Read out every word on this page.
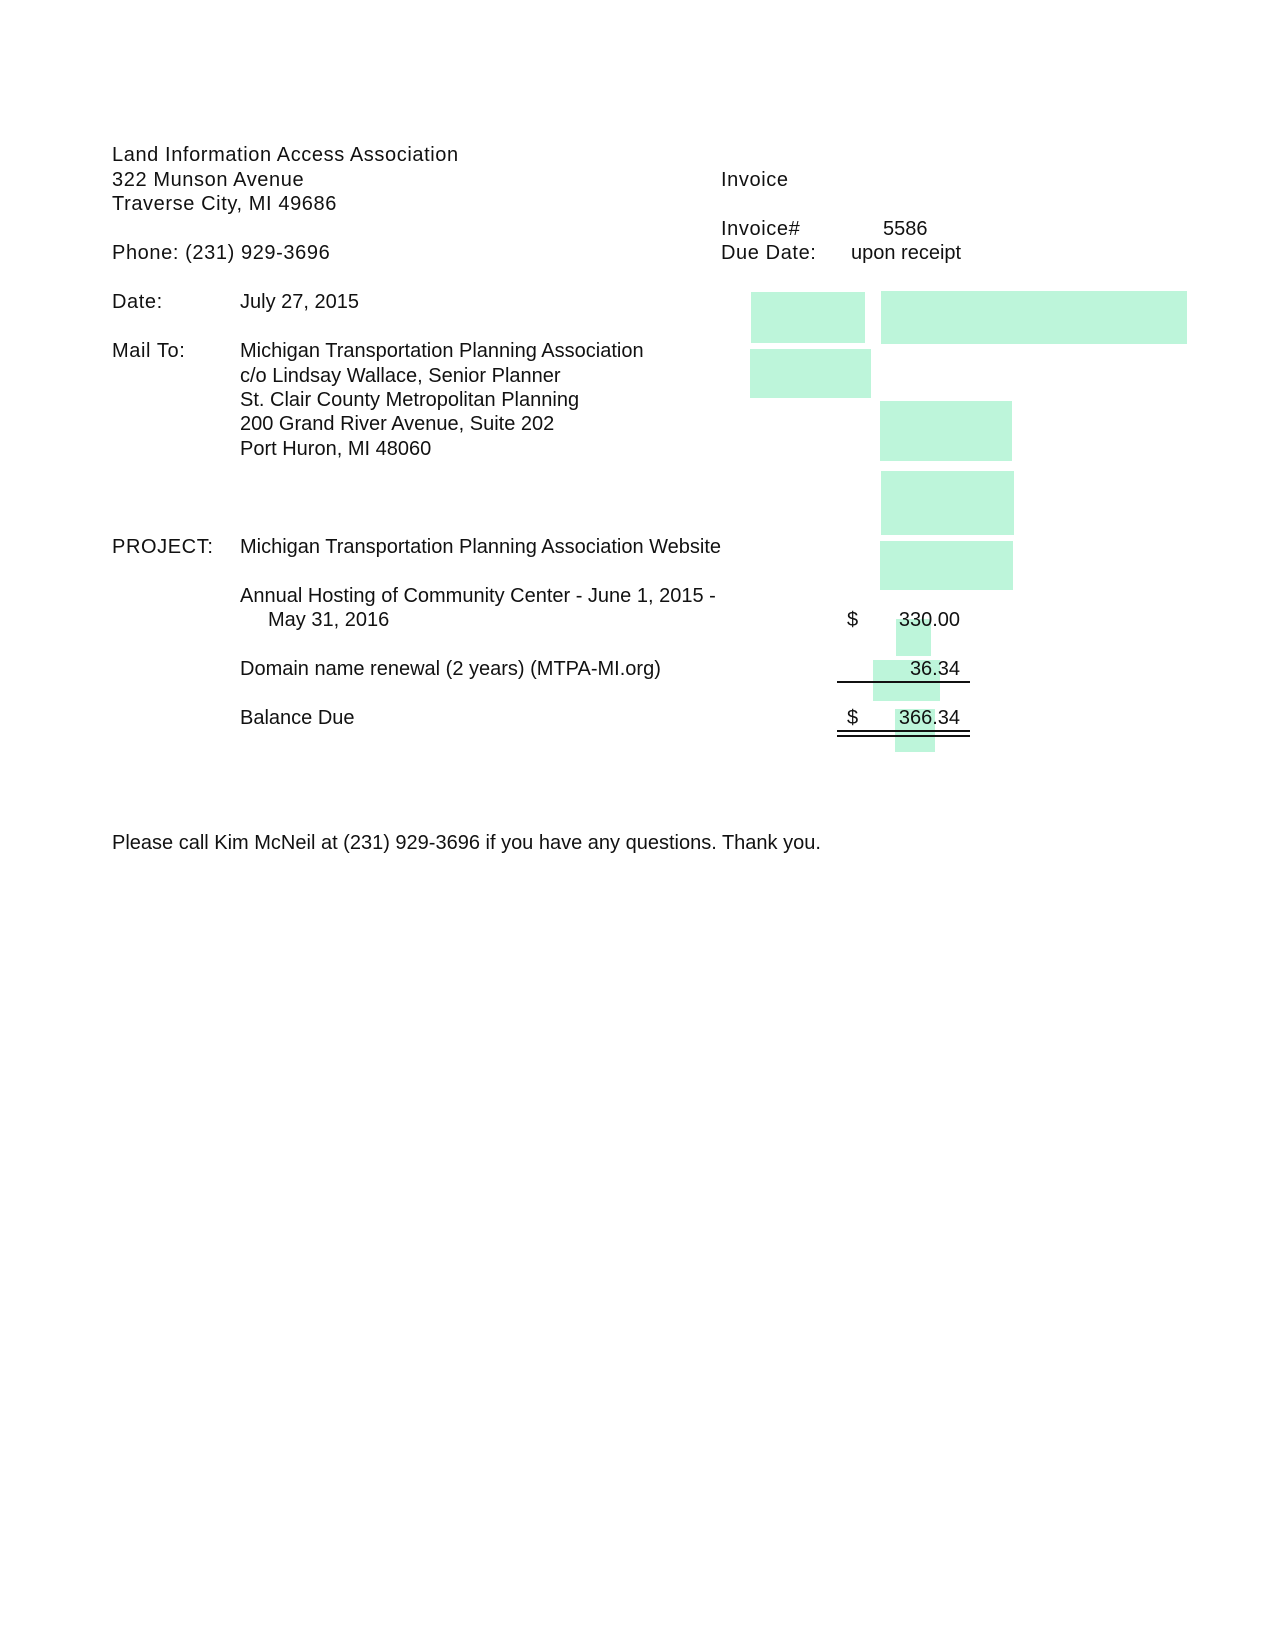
Land Information Access Association
322 Munson Avenue
Traverse City, MI 49686
Phone: (231) 929-3696
Invoice
Invoice#	5586
Due Date: upon receipt
Date:	July 27, 2015
Mail To:	Michigan Transportation Planning Association
c/o Lindsay Wallace, Senior Planner
St. Clair County Metropolitan Planning
200 Grand River Avenue, Suite 202
Port Huron, MI 48060
PROJECT: Michigan Transportation Planning Association Website
Annual Hosting of Community Center - June 1, 2015 -
May 31, 2016	$	330.00
Domain name renewal (2 years) (MTPA-MI.org)	36.34
Balance Due	$	366.34
Please call Kim McNeil at (231) 929-3696 if you have any questions. Thank you.
